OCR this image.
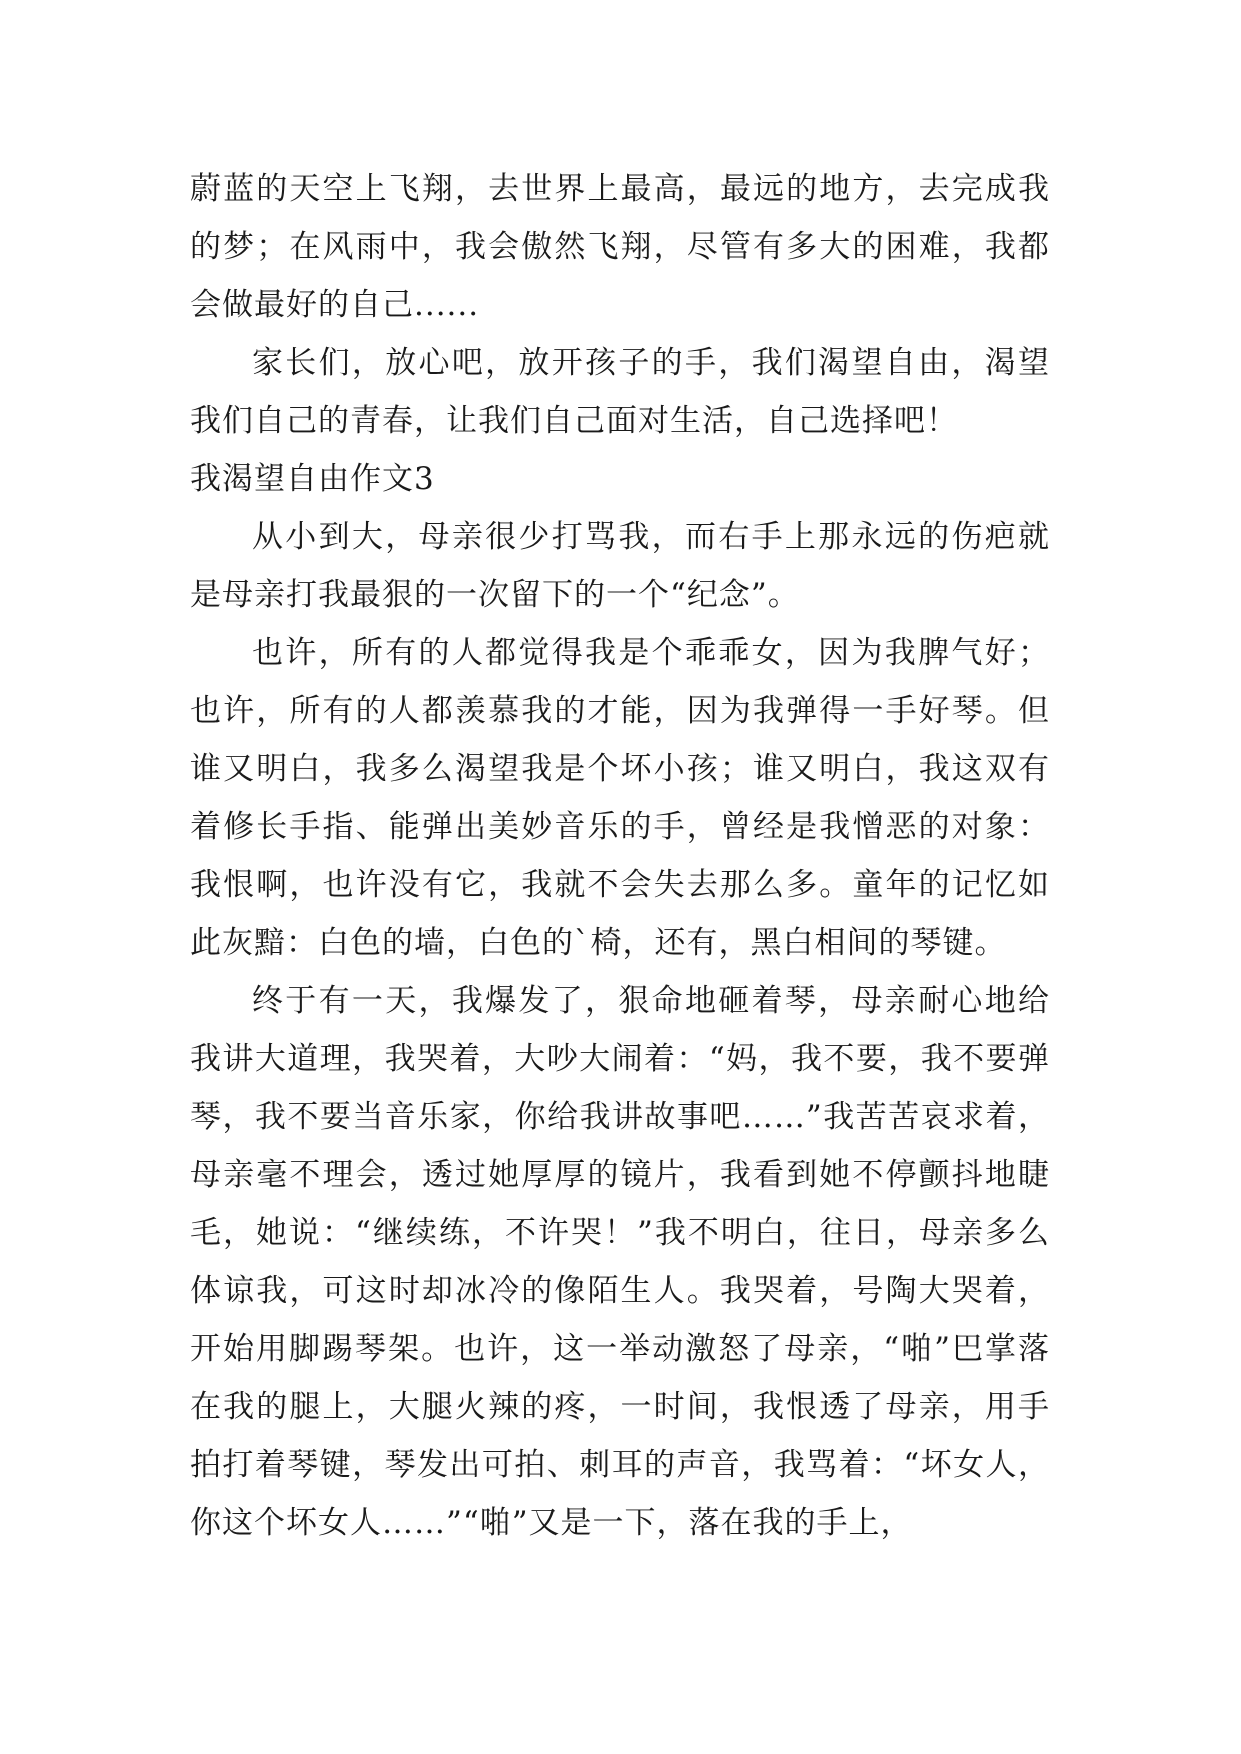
蔚蓝的天空上飞翔，去世界上最高，最远的地方，去完成我的梦；在风雨中，我会傲然飞翔，尽管有多大的困难，我都会做最好的自己......

家长们，放心吧，放开孩子的手，我们渴望自由，渴望我们自己的青春，让我们自己面对生活，自己选择吧！

我渴望自由作文3

从小到大，母亲很少打骂我，而右手上那永远的伤疤就是母亲打我最狠的一次留下的一个“纪念”。

也许，所有的人都觉得我是个乖乖女，因为我脾气好；也许，所有的人都羡慕我的才能，因为我弹得一手好琴。但谁又明白，我多么渴望我是个坏小孩；谁又明白，我这双有着修长手指、能弹出美妙音乐的手，曾经是我憎恶的对象：我恨啊，也许没有它，我就不会失去那么多。童年的记忆如此灰黯：白色的墙，白色的`椅，还有，黑白相间的琴键。

终于有一天，我爆发了，狠命地砸着琴，母亲耐心地给我讲大道理，我哭着，大吵大闹着：“妈，我不要，我不要弹琴，我不要当音乐家，你给我讲故事吧……”我苦苦哀求着，母亲毫不理会，透过她厚厚的镜片，我看到她不停颤抖地睫毛，她说：“继续练，不许哭！”我不明白，往日，母亲多么体谅我，可这时却冰冷的像陌生人。我哭着，号陶大哭着，开始用脚踢琴架。也许，这一举动激怒了母亲，“啪”巴掌落在我的腿上，大腿火辣的疼，一时间，我恨透了母亲，用手拍打着琴键，琴发出可拍、刺耳的声音，我骂着：“坏女人，你这个坏女人……”“啪”又是一下，落在我的手上，
